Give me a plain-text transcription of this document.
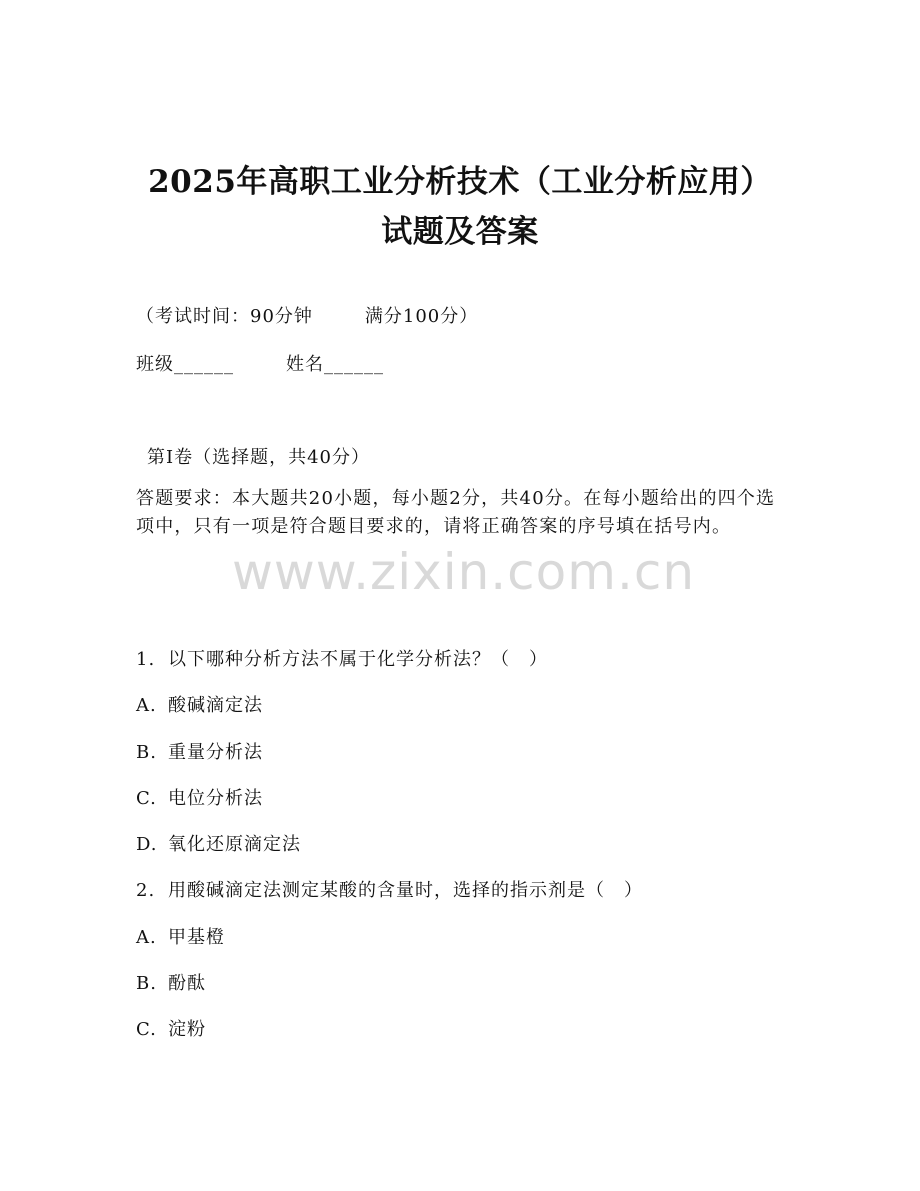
2025年高职工业分析技术（工业分析应用）
试题及答案
（考试时间：90分钟	满分100分）
班级______	姓名______
第Ⅰ卷（选择题，共40分）
答题要求：本大题共20小题，每小题2分，共40分。在每小题给出的四个选项中，只有一项是符合题目要求的，请将正确答案的序号填在括号内。
www.zixin.com.cn
1. 以下哪种分析方法不属于化学分析法？（　）
A. 酸碱滴定法
B. 重量分析法
C. 电位分析法
D. 氧化还原滴定法
2. 用酸碱滴定法测定某酸的含量时，选择的指示剂是（　）
A. 甲基橙
B. 酚酞
C. 淀粉
